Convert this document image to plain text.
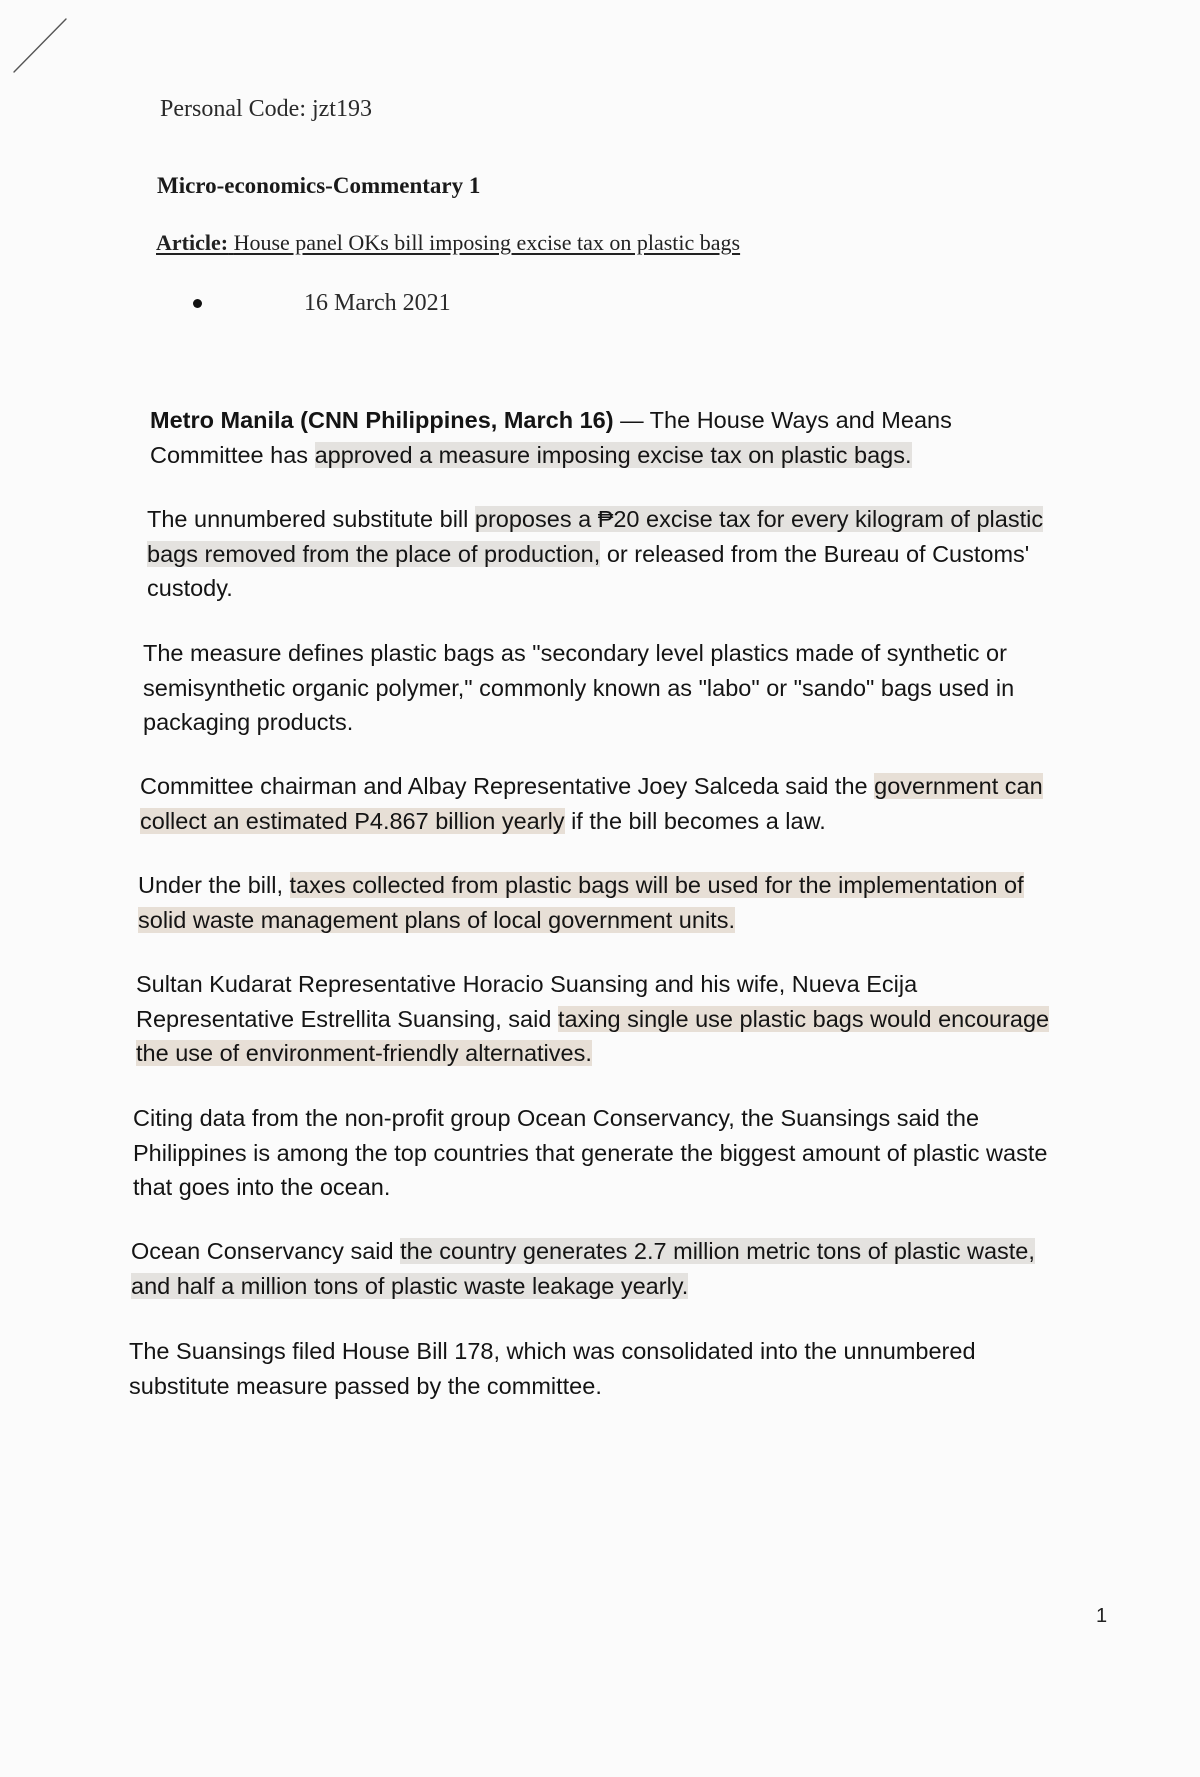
Personal Code: jzt193
Micro-economics-Commentary 1
Article: House panel OKs bill imposing excise tax on plastic bags
16 March 2021
Metro Manila (CNN Philippines, March 16) — The House Ways and Means
Committee has approved a measure imposing excise tax on plastic bags.
The unnumbered substitute bill proposes a ₱20 excise tax for every kilogram of plastic
bags removed from the place of production, or released from the Bureau of Customs'
custody.
The measure defines plastic bags as "secondary level plastics made of synthetic or
semisynthetic organic polymer," commonly known as "labo" or "sando" bags used in
packaging products.
Committee chairman and Albay Representative Joey Salceda said the government can
collect an estimated P4.867 billion yearly if the bill becomes a law.
Under the bill, taxes collected from plastic bags will be used for the implementation of
solid waste management plans of local government units.
Sultan Kudarat Representative Horacio Suansing and his wife, Nueva Ecija
Representative Estrellita Suansing, said taxing single use plastic bags would encourage
the use of environment-friendly alternatives.
Citing data from the non-profit group Ocean Conservancy, the Suansings said the
Philippines is among the top countries that generate the biggest amount of plastic waste
that goes into the ocean.
Ocean Conservancy said the country generates 2.7 million metric tons of plastic waste,
and half a million tons of plastic waste leakage yearly.
The Suansings filed House Bill 178, which was consolidated into the unnumbered
substitute measure passed by the committee.
1
